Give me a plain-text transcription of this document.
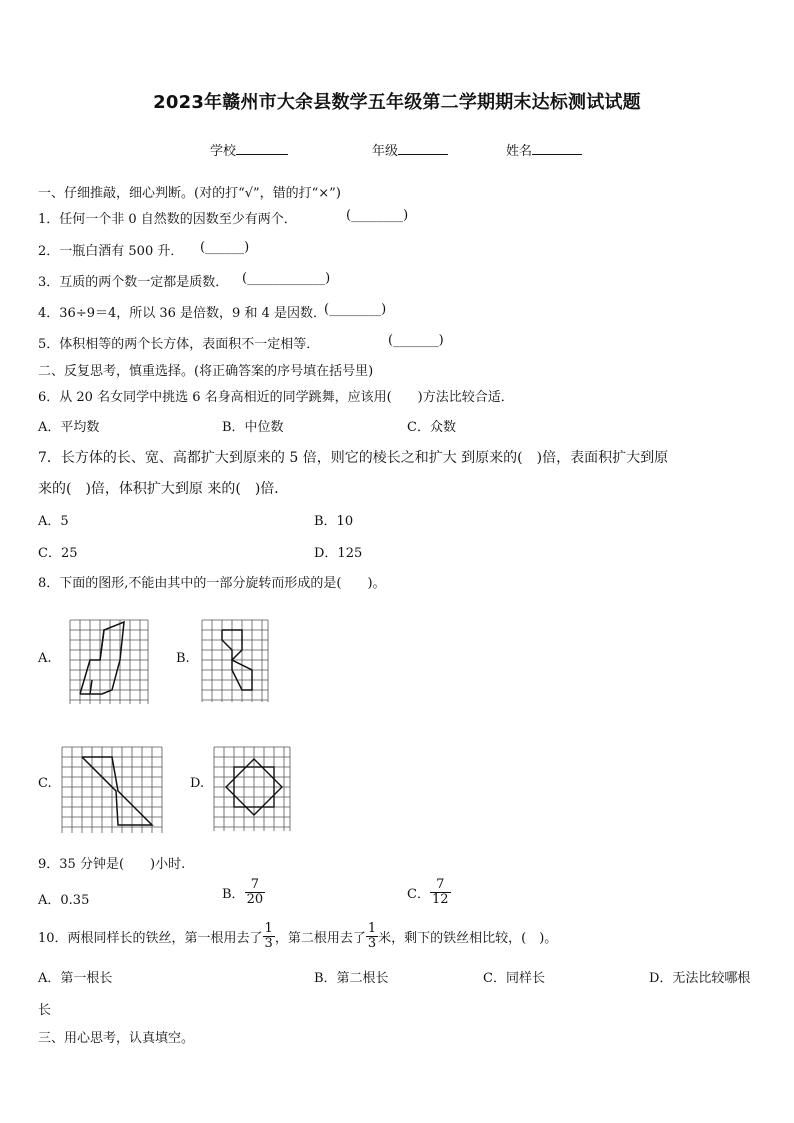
2023年赣州市大余县数学五年级第二学期期末达标测试试题
学校	年级	姓名
一、仔细推敲，细心判断。(对的打“√”，错的打“×”)
1．任何一个非 0 自然数的因数至少有两个．	(________)
2．一瓶白酒有 500 升． (______)
3．互质的两个数一定都是质数． (____________)
4．36÷9＝4，所以 36 是倍数，9 和 4 是因数．
(________)
5．体积相等的两个长方体，表面积不一定相等．	(_______)
二、反复思考，慎重选择。(将正确答案的序号填在括号里)
6．从 20 名女同学中挑选 6 名身高相近的同学跳舞，应该用(　　)方法比较合适．
A．平均数	B．中位数	C．众数
7．长方体的长、宽、高都扩大到原来的 5 倍，则它的棱长之和扩大 到原来的(　)倍，表面积扩大到原
来的(　)倍，体积扩大到原 来的(　)倍．
A．5	B．10
C．25	D．125
8．下面的图形,不能由其中的一部分旋转而形成的是(　　)。
A.	B.
C.	D.
9．35 分钟是(　　)小时.
A．0.35	B． $\frac{7}{20}$	C． $\frac{7}{12}$
10．两根同样长的铁丝，第一根用去了 $\frac{1}{3}$ ，第二根用去了 $\frac{1}{3}$ 米，剩下的铁丝相比较，(　)。
A．第一根长	B．第二根长	C．同样长	D．无法比较哪根
长
三、用心思考，认真填空。
